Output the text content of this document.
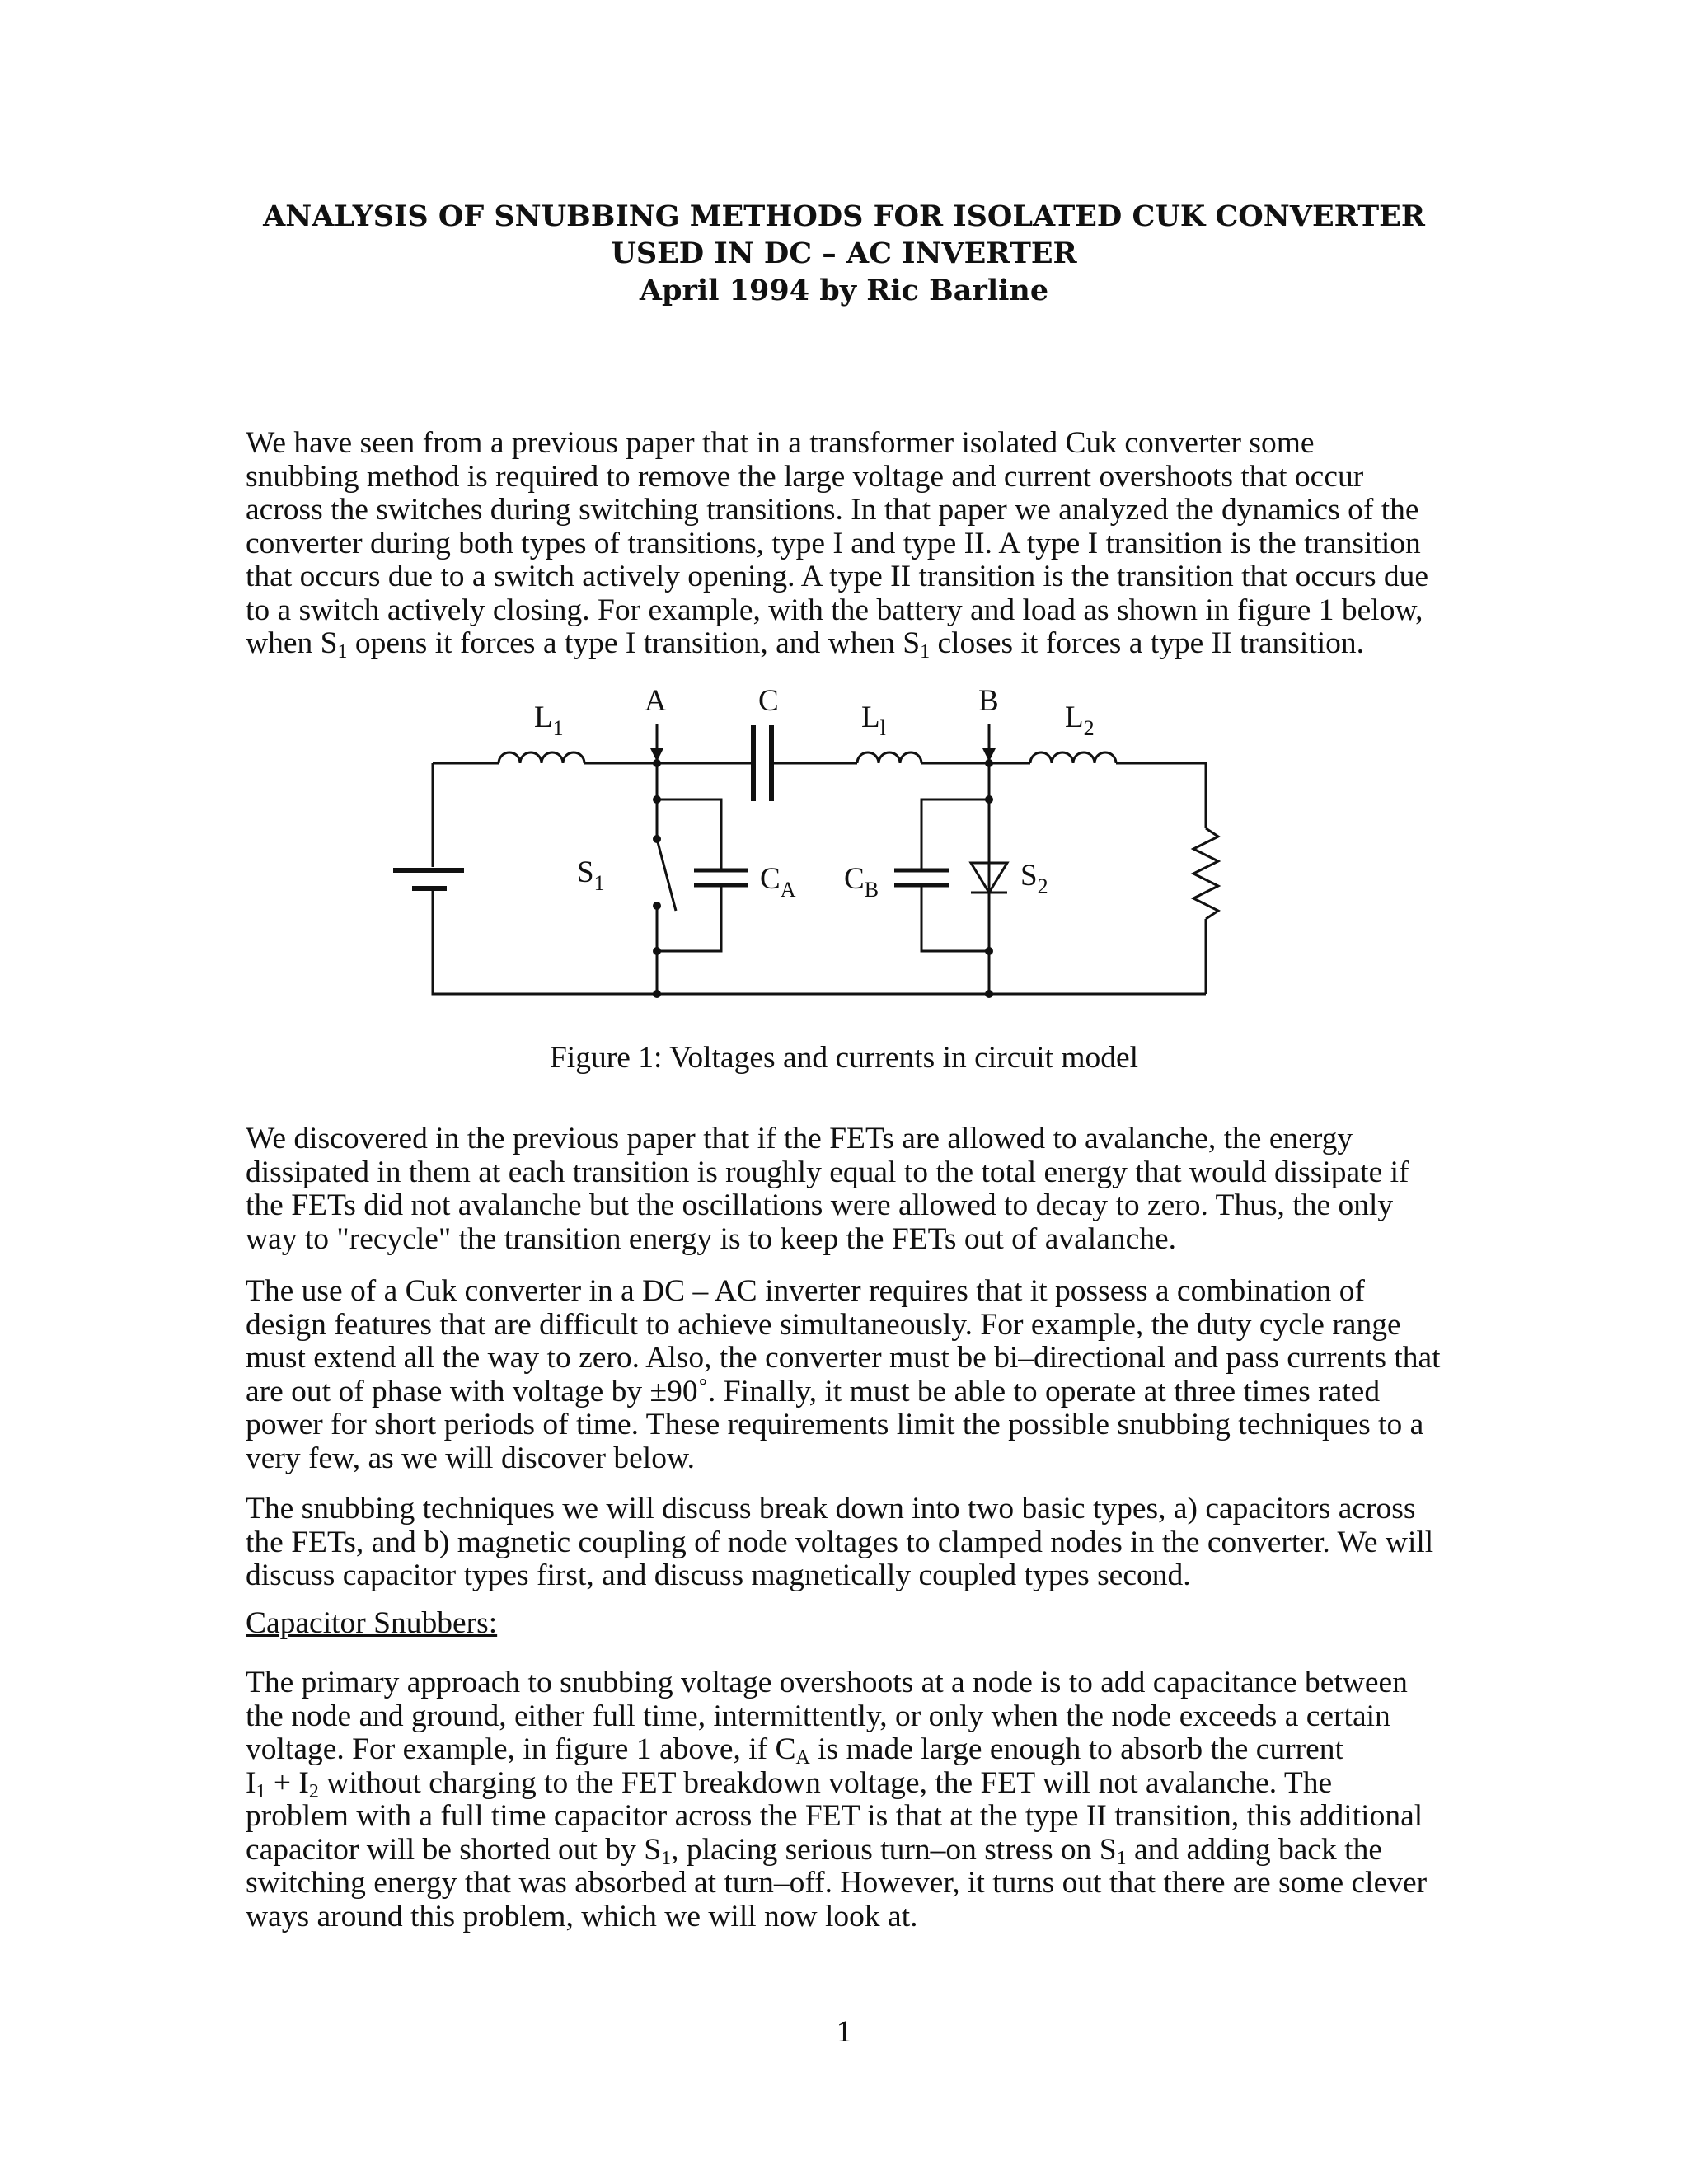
ANALYSIS OF SNUBBING METHODS FOR ISOLATED CUK CONVERTER
USED IN DC – AC INVERTER
April 1994 by Ric Barline
We have seen from a previous paper that in a transformer isolated Cuk converter some
snubbing method is required to remove the large voltage and current overshoots that occur
across the switches during switching transitions. In that paper we analyzed the dynamics of the
converter during both types of transitions, type I and type II. A type I transition is the transition
that occurs due to a switch actively opening. A type II transition is the transition that occurs due
to a switch actively closing. For example, with the battery and load as shown in figure 1 below,
when $S_1$ opens it forces a type I transition, and when $S_1$ closes it forces a type II transition.
$L_1$
A	C	$L_l$
B $L_2$
$S_1$	$C_A$ $C_B$	$S_2$
Figure 1: Voltages and currents in circuit model
We discovered in the previous paper that if the FETs are allowed to avalanche, the energy
dissipated in them at each transition is roughly equal to the total energy that would dissipate if
the FETs did not avalanche but the oscillations were allowed to decay to zero. Thus, the only
way to "recycle" the transition energy is to keep the FETs out of avalanche.
The use of a Cuk converter in a DC – AC inverter requires that it possess a combination of
design features that are difficult to achieve simultaneously. For example, the duty cycle range
must extend all the way to zero. Also, the converter must be bi–directional and pass currents that
are out of phase with voltage by ±90˚. Finally, it must be able to operate at three times rated
power for short periods of time. These requirements limit the possible snubbing techniques to a
very few, as we will discover below.
The snubbing techniques we will discuss break down into two basic types, a) capacitors across
the FETs, and b) magnetic coupling of node voltages to clamped nodes in the converter. We will
discuss capacitor types first, and discuss magnetically coupled types second.
Capacitor Snubbers:
The primary approach to snubbing voltage overshoots at a node is to add capacitance between
the node and ground, either full time, intermittently, or only when the node exceeds a certain
voltage. For example, in figure 1 above, if $C_A$ is made large enough to absorb the current
$I_1 + I_2$ without charging to the FET breakdown voltage, the FET will not avalanche. The
problem with a full time capacitor across the FET is that at the type II transition, this additional
capacitor will be shorted out by $S_1$, placing serious turn–on stress on $S_1$ and adding back the
switching energy that was absorbed at turn–off. However, it turns out that there are some clever
ways around this problem, which we will now look at.
1
